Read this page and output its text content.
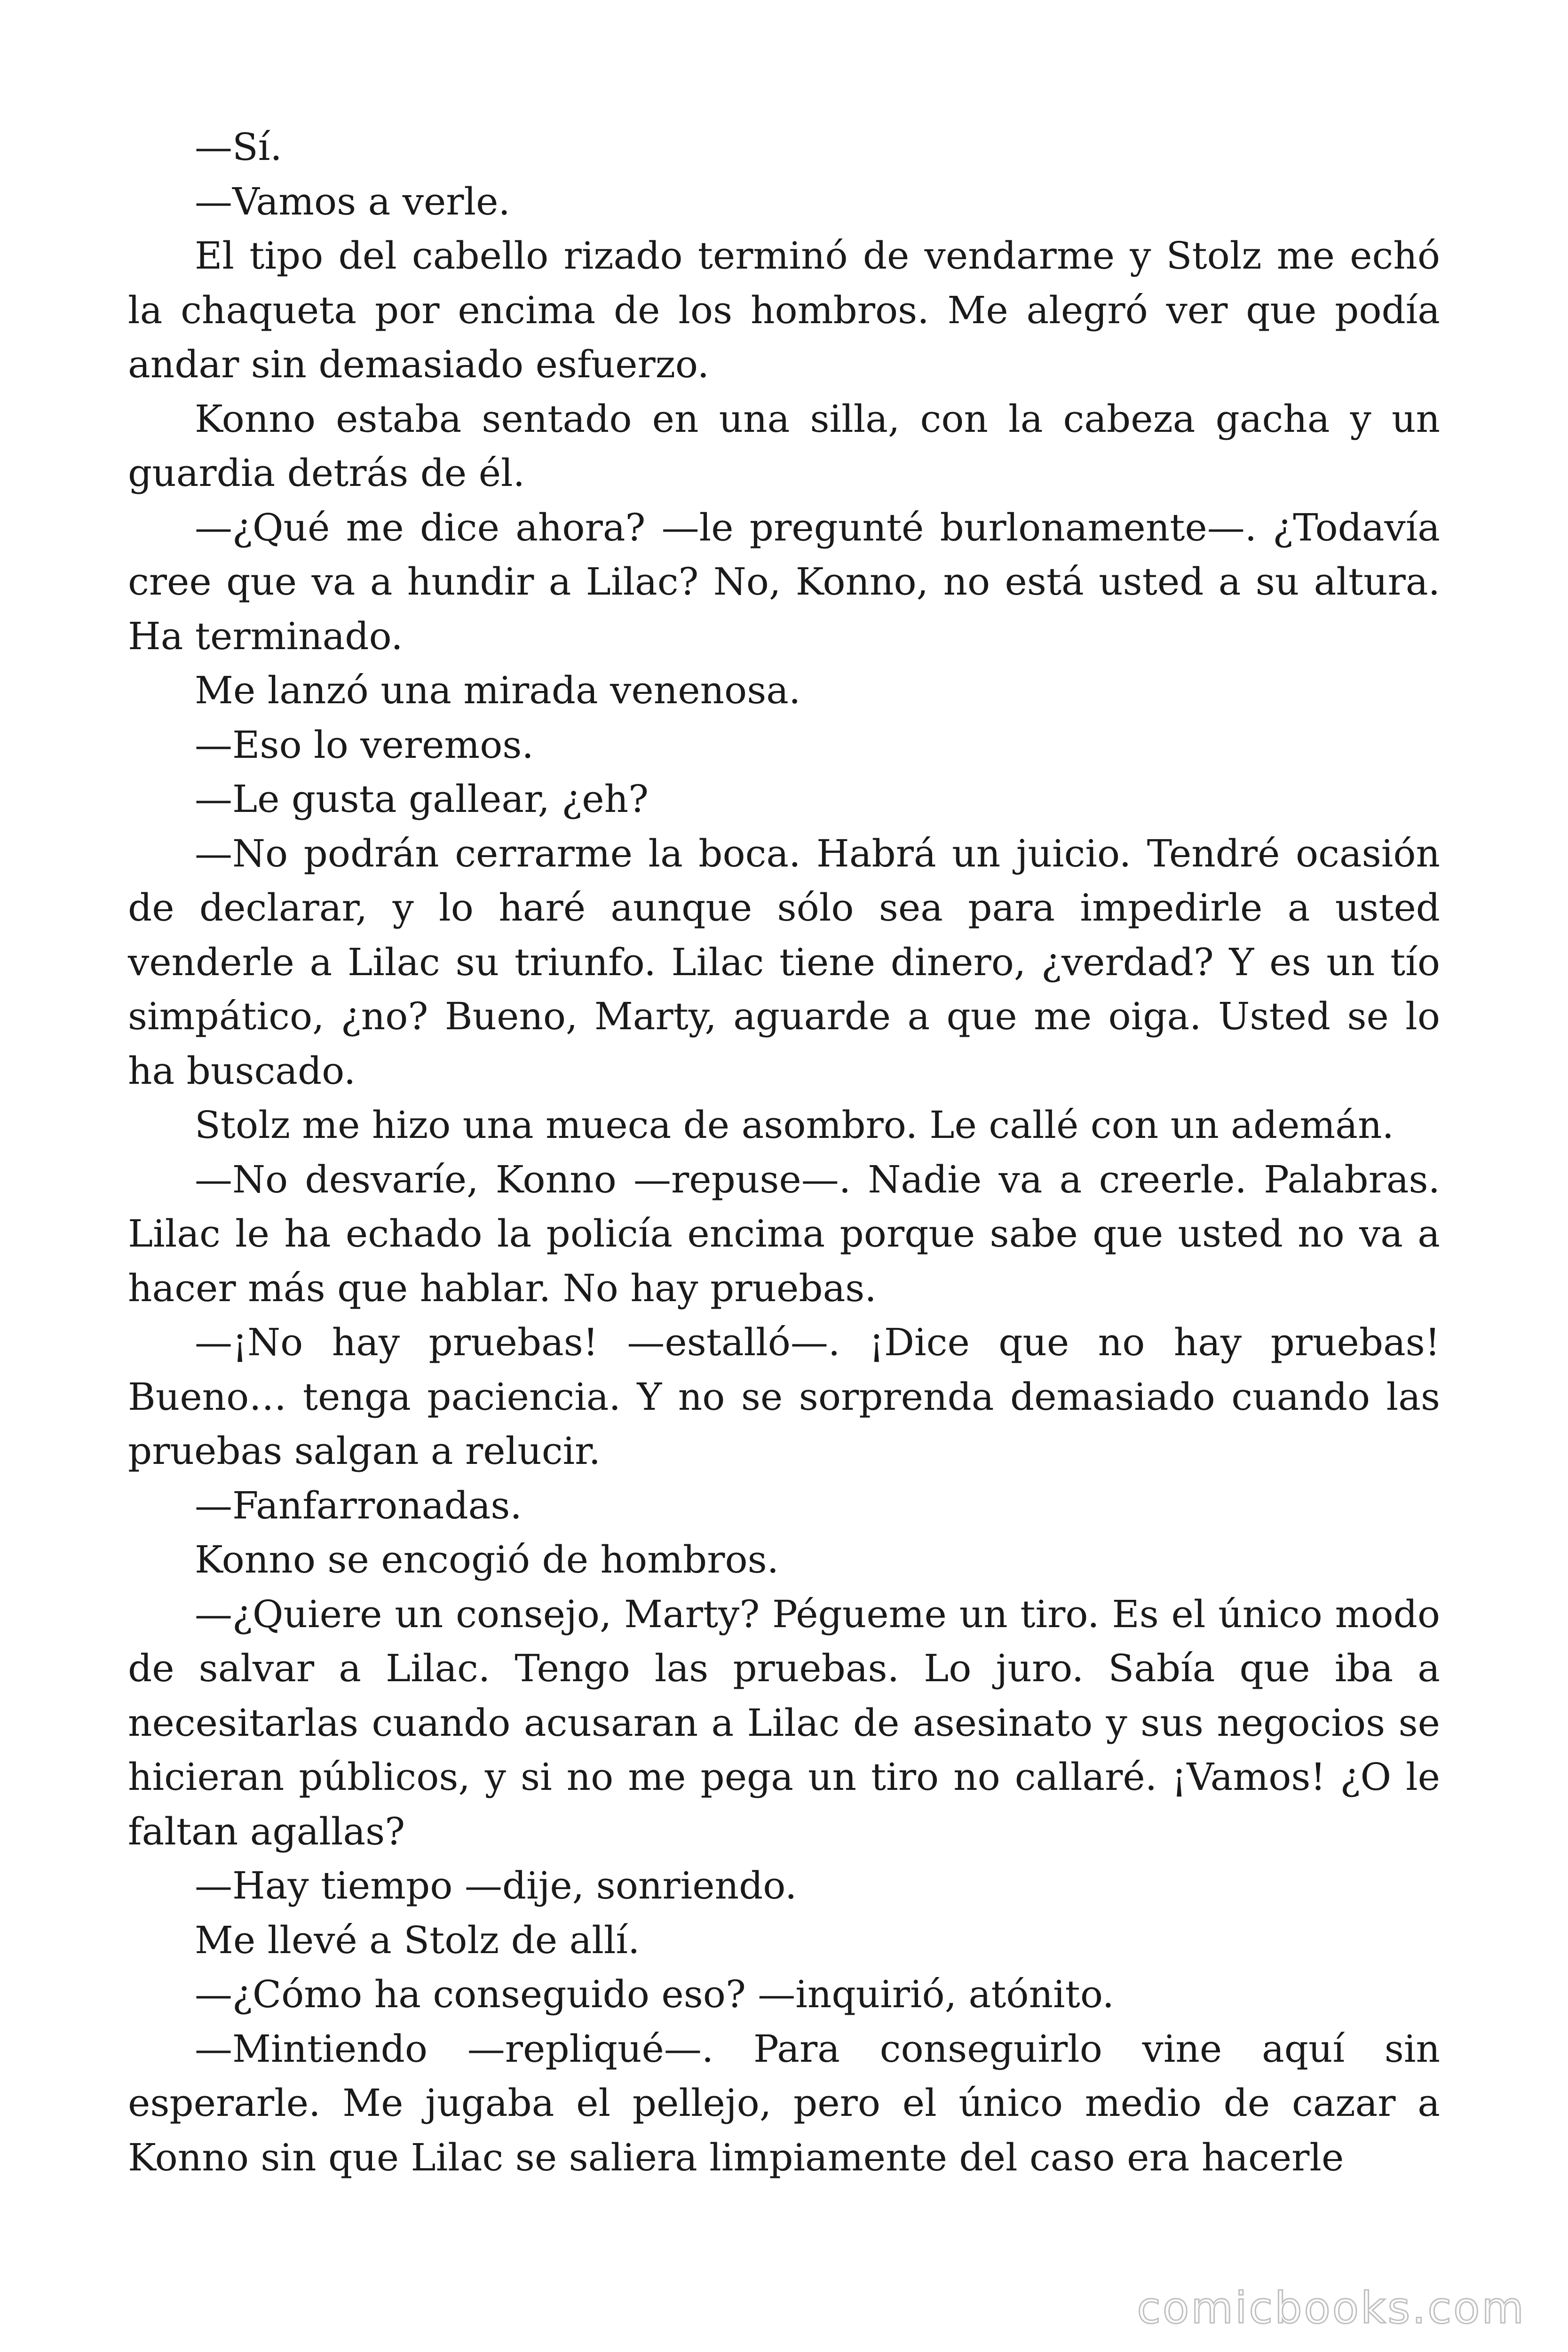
—Sí.

—Vamos a verle.

El tipo del cabello rizado terminó de vendarme y Stolz me echó la chaqueta por encima de los hombros. Me alegró ver que podía andar sin demasiado esfuerzo.

Konno estaba sentado en una silla, con la cabeza gacha y un guardia detrás de él.

—¿Qué me dice ahora? —le pregunté burlonamente—. ¿Todavía cree que va a hundir a Lilac? No, Konno, no está usted a su altura. Ha terminado.

Me lanzó una mirada venenosa.

—Eso lo veremos.

—Le gusta gallear, ¿eh?

—No podrán cerrarme la boca. Habrá un juicio. Tendré ocasión de declarar, y lo haré aunque sólo sea para impedirle a usted venderle a Lilac su triunfo. Lilac tiene dinero, ¿verdad? Y es un tío simpático, ¿no? Bueno, Marty, aguarde a que me oiga. Usted se lo ha buscado.

Stolz me hizo una mueca de asombro. Le callé con un ademán.

—No desvaríe, Konno —repuse—. Nadie va a creerle. Palabras. Lilac le ha echado la policía encima porque sabe que usted no va a hacer más que hablar. No hay pruebas.

—¡No hay pruebas! —estalló—. ¡Dice que no hay pruebas! Bueno… tenga paciencia. Y no se sorprenda demasiado cuando las pruebas salgan a relucir.

—Fanfarronadas.

Konno se encogió de hombros.

—¿Quiere un consejo, Marty? Pégueme un tiro. Es el único modo de salvar a Lilac. Tengo las pruebas. Lo juro. Sabía que iba a necesitarlas cuando acusaran a Lilac de asesinato y sus negocios se hicieran públicos, y si no me pega un tiro no callaré. ¡Vamos! ¿O le faltan agallas?

—Hay tiempo —dije, sonriendo.

Me llevé a Stolz de allí.

—¿Cómo ha conseguido eso? —inquirió, atónito.

—Mintiendo —repliqué—. Para conseguirlo vine aquí sin esperarle. Me jugaba el pellejo, pero el único medio de cazar a Konno sin que Lilac se saliera limpiamente del caso era hacerle

comicbooks.com
